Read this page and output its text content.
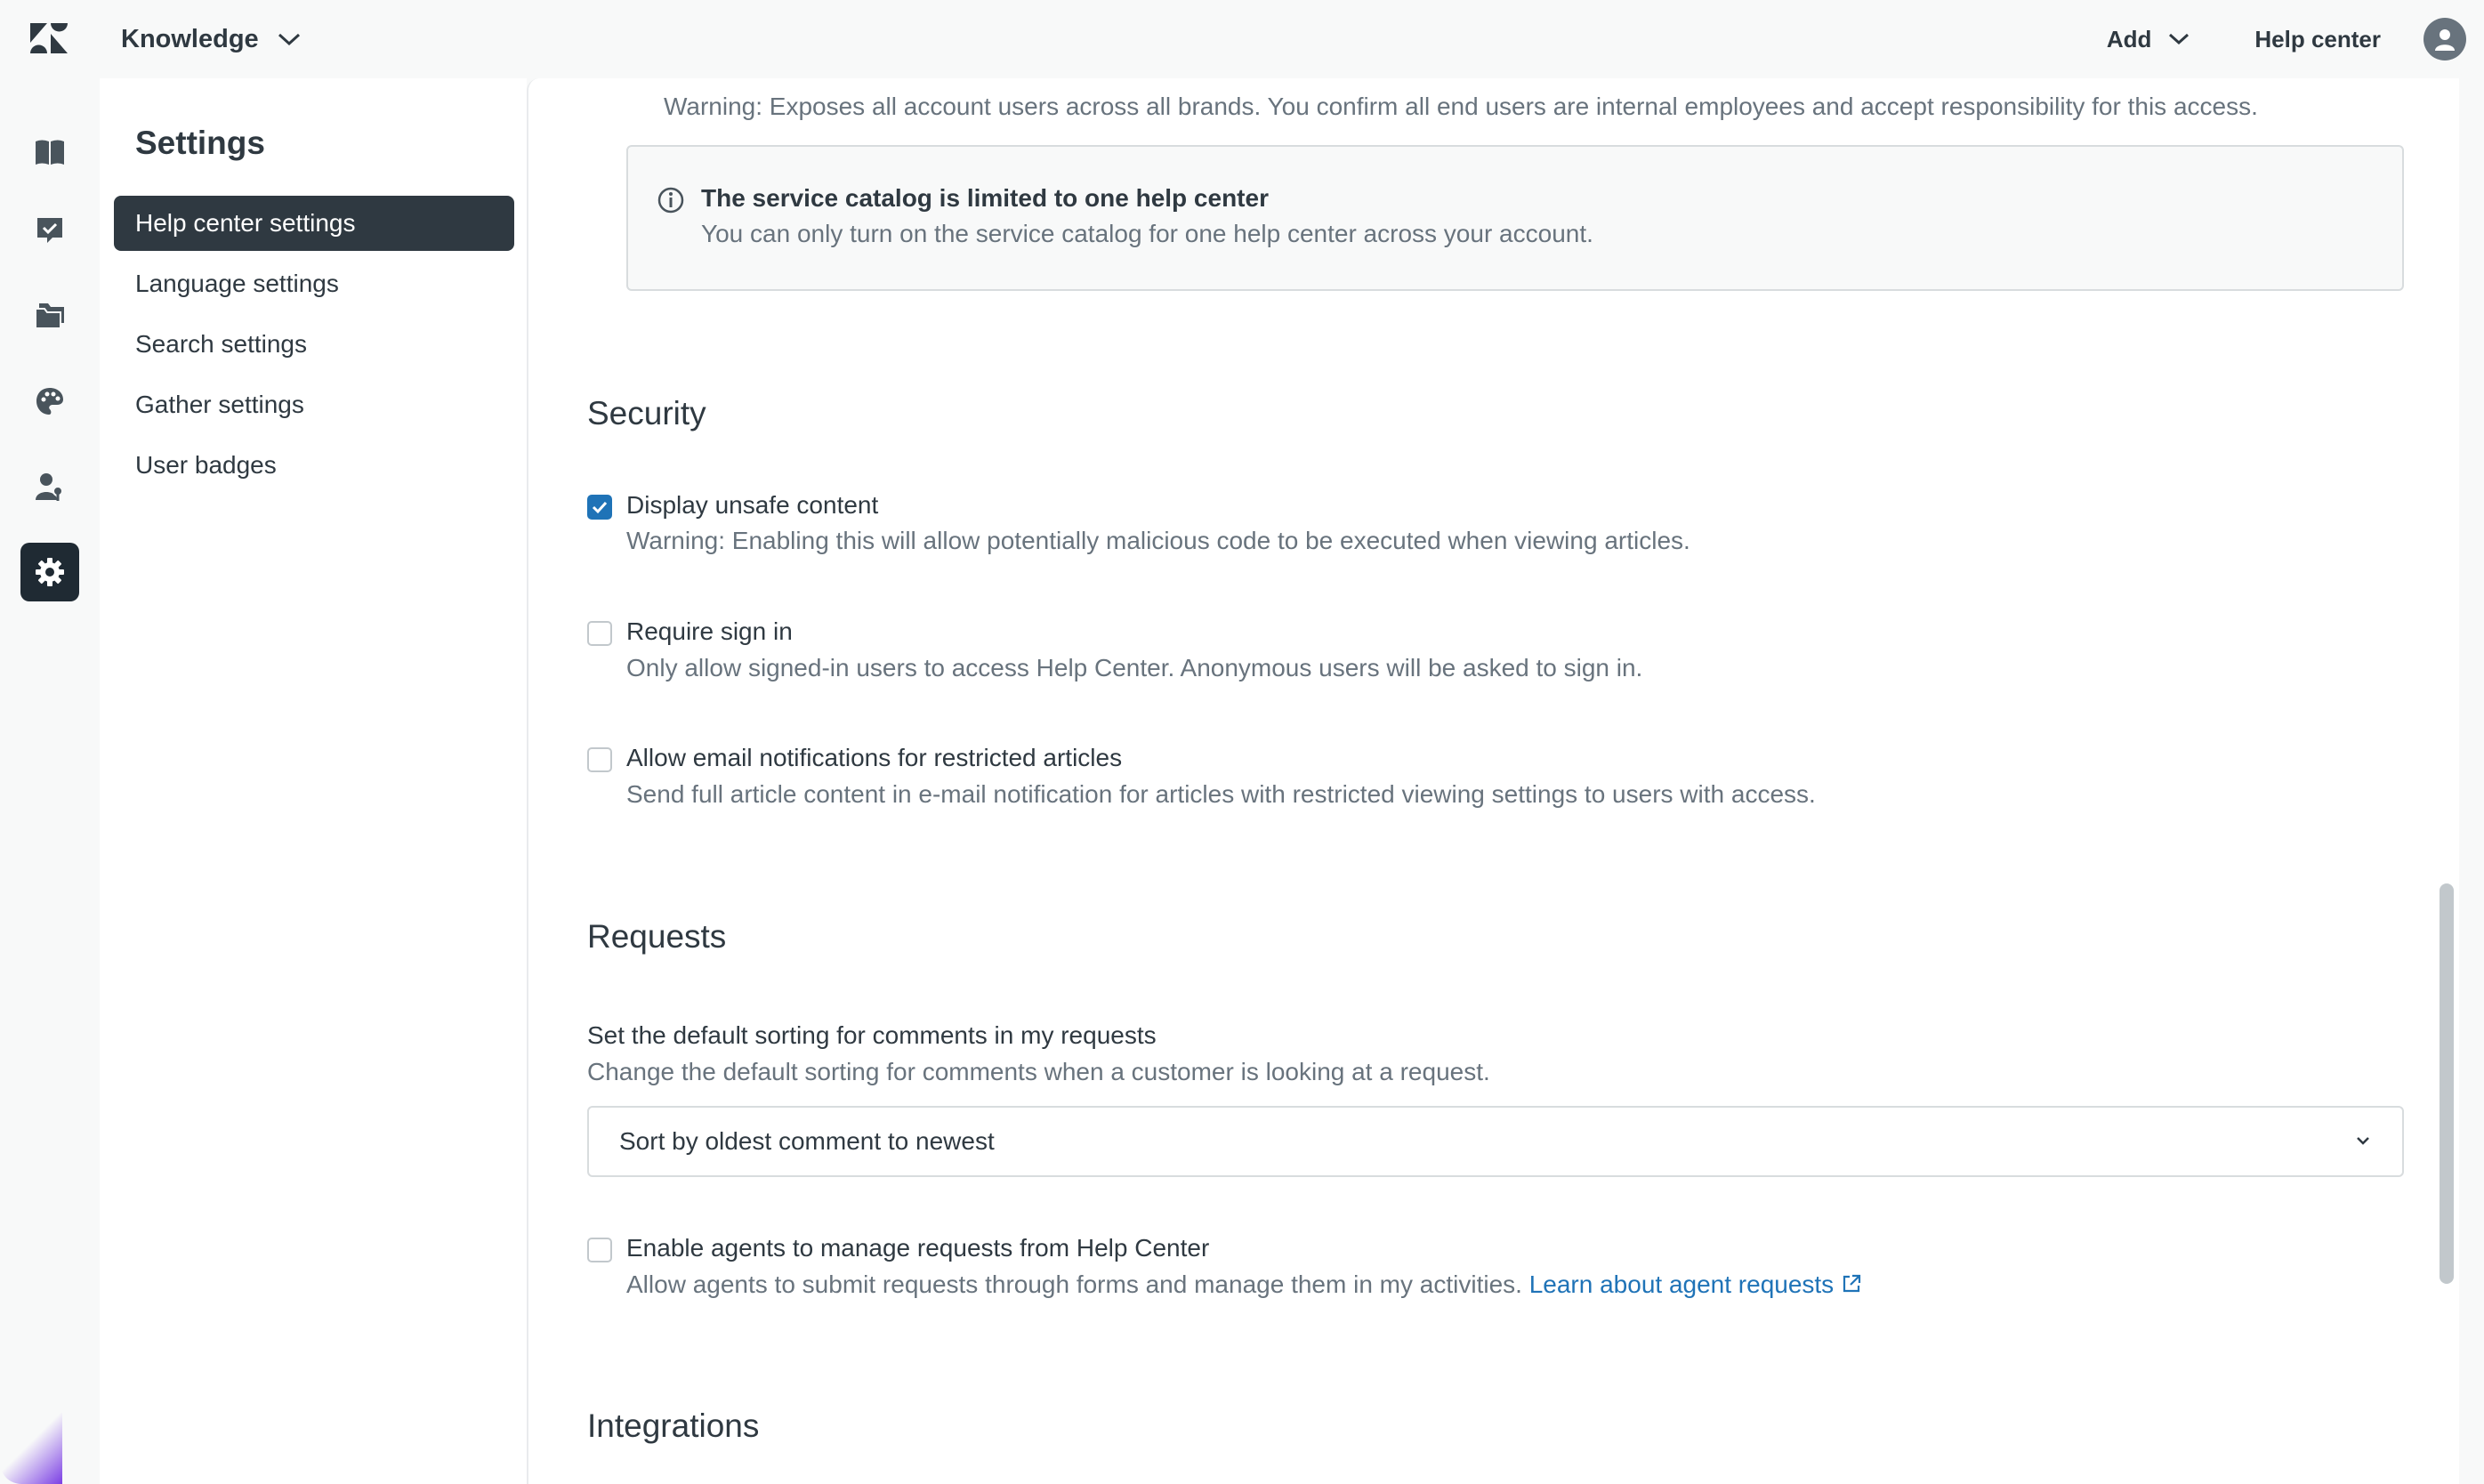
Knowledge	Add	Help center
Settings
Help center settings
Language settings
Search settings
Gather settings
User badges
Warning: Exposes all account users across all brands. You confirm all end users are internal employees and accept responsibility for this access.
The service catalog is limited to one help center
You can only turn on the service catalog for one help center across your account.
Security
Display unsafe content
Warning: Enabling this will allow potentially malicious code to be executed when viewing articles.
Require sign in
Only allow signed-in users to access Help Center. Anonymous users will be asked to sign in.
Allow email notifications for restricted articles
Send full article content in e-mail notification for articles with restricted viewing settings to users with access.
Requests
Set the default sorting for comments in my requests
Change the default sorting for comments when a customer is looking at a request.
Sort by oldest comment to newest
Enable agents to manage requests from Help Center
Allow agents to submit requests through forms and manage them in my activities. Learn about agent requests
Integrations
